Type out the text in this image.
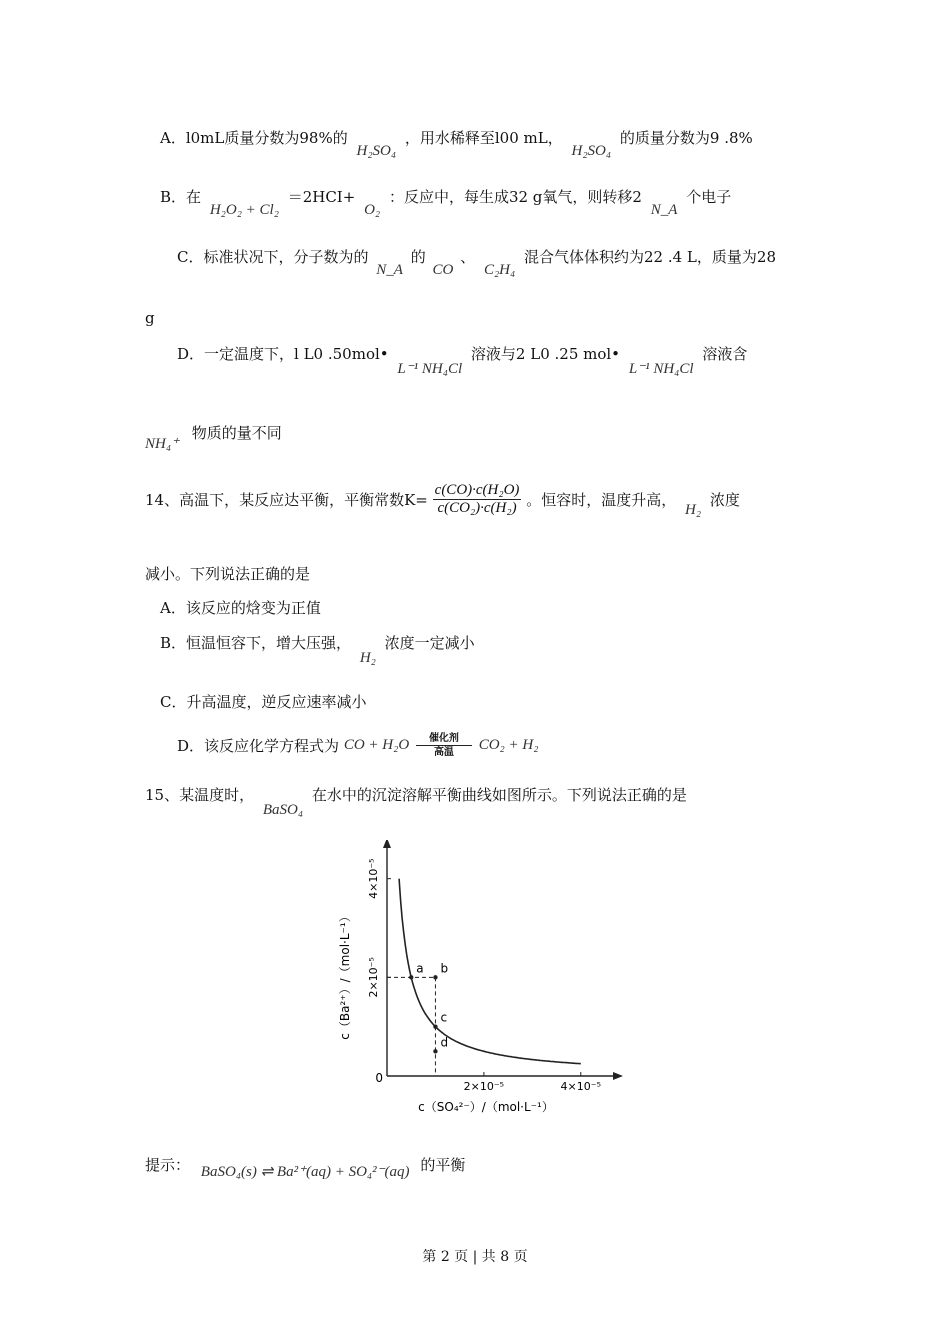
A．l0mL质量分数为98%的 H₂SO₄ ，用水稀释至l00 mL， H₂SO₄ 的质量分数为9 .8%
B．在 H₂O₂ + Cl₂ ＝2HCI+ O₂ ：反应中，每生成32 g氧气，则转移2 N_A 个电子
C．标准状况下，分子数为的 N_A 的 CO 、 C₂H₄ 混合气体体积约为22 .4 L，质量为28
g
D．一定温度下，l L0 .50mol• L⁻¹ NH₄Cl 溶液与2 L0 .25 mol• L⁻¹ NH₄Cl 溶液含
NH₄⁺ 物质的量不同
14、高温下，某反应达平衡，平衡常数$K= \frac{\text{c(CO)·c(H₂O)}}{\text{c(CO₂)·c(H₂)}}$ 。恒容时，温度升高， H₂ 浓度
减小。下列说法正确的是
A．该反应的焓变为正值
B．恒温恒容下，增大压强， H₂ 浓度一定减小
C．升高温度，逆反应速率减小
D．该反应化学方程式为 CO + H₂O 催化剂
高温 CO₂ + H₂
15、某温度时， BaSO₄ 在水中的沉淀溶解平衡曲线如图所示。下列说法正确的是
0
2×10⁻⁵	4×10⁻⁵
2×10⁻⁵
4×10⁻⁵
c（SO₄²⁻）/（mol·L⁻¹）
c（Ba²⁺）/（mol·L⁻¹）	a b
c
d
提示： BaSO₄(s) ⇌ Ba²⁺(aq) + SO₄²⁻(aq) 的平衡
第 2 页 | 共 8 页
